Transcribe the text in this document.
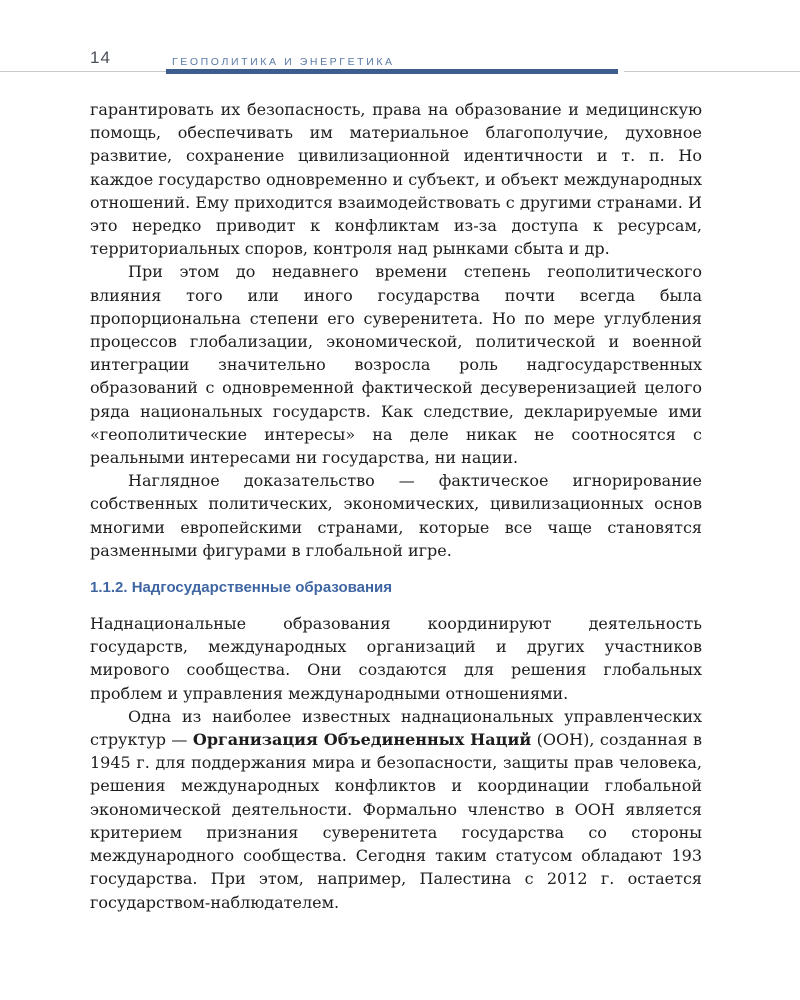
14	ГЕОПОЛИТИКА И ЭНЕРГЕТИКА

гарантировать их безопасность, права на образование и медицинскую помощь, обеспечивать им материальное благополучие, духовное развитие, сохранение цивилизационной идентичности и т. п. Но каждое государство одновременно и субъект, и объект международных отношений. Ему приходится взаимодействовать с другими странами. И это нередко приводит к конфликтам из-за доступа к ресурсам, территориальных споров, контроля над рынками сбыта и др.

При этом до недавнего времени степень геополитического влияния того или иного государства почти всегда была пропорциональна степени его суверенитета. Но по мере углубления процессов глобализации, экономической, политической и военной интеграции значительно возросла роль надгосударственных образований с одновременной фактической десуверенизацией целого ряда национальных государств. Как следствие, декларируемые ими «геополитические интересы» на деле никак не соотносятся с реальными интересами ни государства, ни нации.

Наглядное доказательство — фактическое игнорирование собственных политических, экономических, цивилизационных основ многими европейскими странами, которые все чаще становятся разменными фигурами в глобальной игре.

1.1.2. Надгосударственные образования

Наднациональные образования координируют деятельность государств, международных организаций и других участников мирового сообщества. Они создаются для решения глобальных проблем и управления международными отношениями.

Одна из наиболее известных наднациональных управленческих структур — Организация Объединенных Наций (ООН), созданная в 1945 г. для поддержания мира и безопасности, защиты прав человека, решения международных конфликтов и координации глобальной экономической деятельности. Формально членство в ООН является критерием признания суверенитета государства со стороны международного сообщества. Сегодня таким статусом обладают 193 государства. При этом, например, Палестина с 2012 г. остается государством-наблюдателем.
